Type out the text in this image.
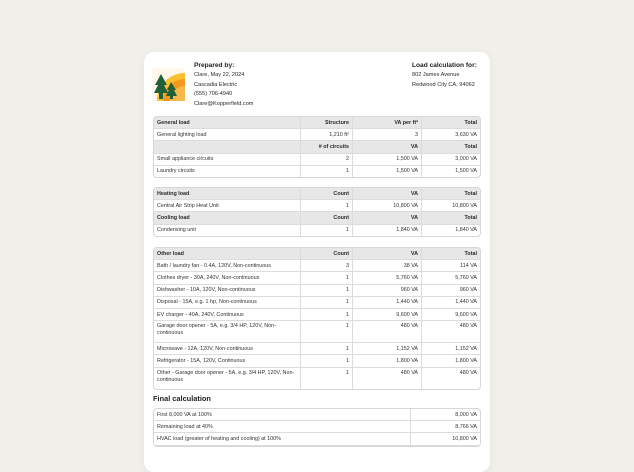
Prepared by:
Clare, May 22, 2024
Cascadia Electric
(555) 706-4940
Clare@Kopperfield.com
Load calculation for:
802 James Avenue
Redwood City CA, 94062
General load	Structure	VA per ft²	Total
General lighting load	1,210 ft²	3	3,630 VA
	# of circuits	VA	Total
Small appliance circuits	2	1,500 VA	3,000 VA
Laundry circuits	1	1,500 VA	1,500 VA
Heating load	Count	VA	Total
Central Air Strip Heat Unit	1	10,800 VA	10,800 VA
Cooling load	Count	VA	Total
Condensing unit	1	1,840 VA	1,840 VA
Other load	Count	VA	Total
Bath / laundry fan - 0.4A, 120V, Non-continuous	3	38 VA	114 VA
Clothes dryer - 30A, 240V, Non-continuous	1	5,760 VA	5,760 VA
Dishwasher - 10A, 120V, Non-continuous	1	960 VA	960 VA
Disposal - 15A, e.g. 1 hp, Non-continuous	1	1,440 VA	1,440 VA
EV charger - 40A, 240V, Continuous	1	9,600 VA	9,600 VA
Garage door opener - 5A, e.g. 3/4 HP, 120V, Non-continuous	1	480 VA	480 VA
Microwave - 12A, 120V, Non-continuous	1	1,152 VA	1,152 VA
Refrigerator - 15A, 120V, Continuous	1	1,800 VA	1,800 VA
Other - Garage door opener - 5A, e.g. 3/4 HP, 120V, Non-continuous	1	480 VA	480 VA
Final calculation
First 8,000 VA at 100%	8,000 VA
Remaining load at 40%	8,766 VA
HVAC load (greater of heating and cooling) at 100%	10,800 VA
